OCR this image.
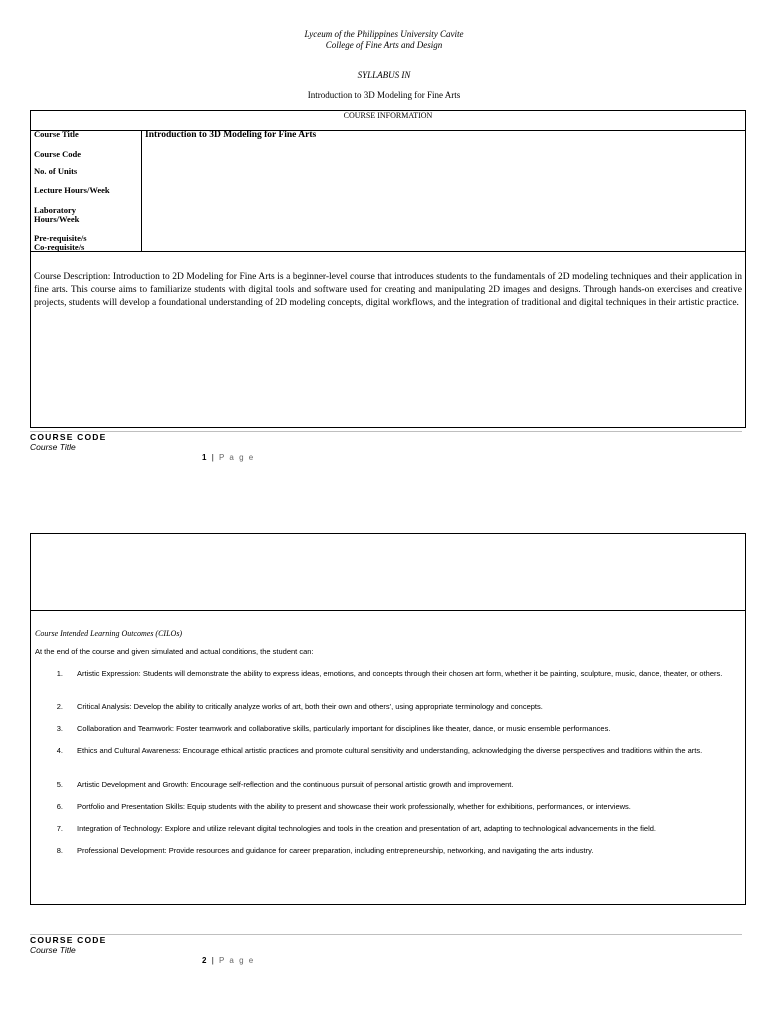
Lyceum of the Philippines University Cavite
College of Fine Arts and Design
SYLLABUS IN
Introduction to 3D Modeling for Fine Arts
COURSE INFORMATION
Course Title
Course Code
No. of Units
Lecture Hours/Week
Laboratory
Hours/Week
Pre-requisite/s
Co-requisite/s
Introduction to 3D Modeling for Fine Arts
Course Description: Introduction to 2D Modeling for Fine Arts is a beginner-level course that introduces students to the fundamentals of 2D modeling techniques and their application in fine arts. This course aims to familiarize students with digital tools and software used for creating and manipulating 2D images and designs. Through hands-on exercises and creative projects, students will develop a foundational understanding of 2D modeling concepts, digital workflows, and the integration of traditional and digital techniques in their artistic practice.
COURSE CODE
Course Title
1 | P a g e
Course Intended Learning Outcomes (CILOs)
At the end of the course and given simulated and actual conditions, the student can:
1. Artistic Expression: Students will demonstrate the ability to express ideas, emotions, and concepts through their chosen art form, whether it be painting, sculpture, music, dance, theater, or others.
2. Critical Analysis: Develop the ability to critically analyze works of art, both their own and others', using appropriate terminology and concepts.
3. Collaboration and Teamwork: Foster teamwork and collaborative skills, particularly important for disciplines like theater, dance, or music ensemble performances.
4. Ethics and Cultural Awareness: Encourage ethical artistic practices and promote cultural sensitivity and understanding, acknowledging the diverse perspectives and traditions within the arts.
5. Artistic Development and Growth: Encourage self-reflection and the continuous pursuit of personal artistic growth and improvement.
6. Portfolio and Presentation Skills: Equip students with the ability to present and showcase their work professionally, whether for exhibitions, performances, or interviews.
7. Integration of Technology: Explore and utilize relevant digital technologies and tools in the creation and presentation of art, adapting to technological advancements in the field.
8. Professional Development: Provide resources and guidance for career preparation, including entrepreneurship, networking, and navigating the arts industry.
COURSE CODE
Course Title
2 | P a g e
